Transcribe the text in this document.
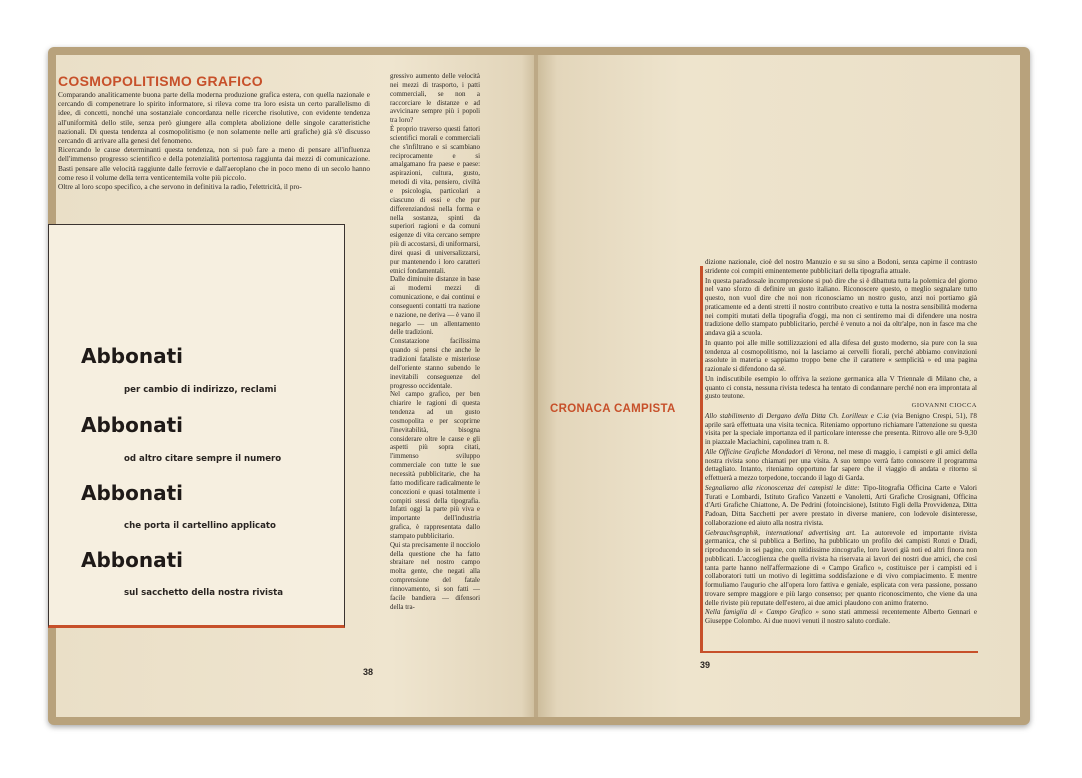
COSMOPOLITISMO GRAFICO

Comparando analiticamente buona parte della moderna produzione grafica estera, con quella nazionale e cercando di compenetrare lo spirito informatore, si rileva come tra loro esista un certo parallelismo di idee, di concetti, nonché una sostanziale concordanza nelle ricerche risolutive, con evidente tendenza all'uniformità dello stile, senza però giungere alla completa abolizione delle singole caratteristiche nazionali. Di questa tendenza al cosmopolitismo (e non solamente nelle arti grafiche) già s'è discusso cercando di arrivare alla genesi del fenomeno.

Ricercando le cause determinanti questa tendenza, non si può fare a meno di pensare all'influenza dell'immenso progresso scientifico e della potenzialità portentosa raggiunta dai mezzi di comunicazione. Basti pensare alle velocità raggiunte dalle ferrovie e dall'aeroplano che in poco meno di un secolo hanno come reso il volume della terra venticentemila volte più piccolo.

Oltre al loro scopo specifico, a che servono in definitiva la radio, l'elettricità, il pro-

gressivo aumento delle velocità nei mezzi di trasporto, i patti commerciali, se non a raccorciare le distanze e ad avvicinare sempre più i popoli tra loro?

È proprio traverso questi fattori scientifici morali e commerciali che s'infiltrano e si scambiano reciprocamente e si amalgamano fra paese e paese: aspirazioni, cultura, gusto, metodi di vita, pensiero, civiltà e psicologia, particolari a ciascuno di essi e che pur differenziandosi nella forma e nella sostanza, spinti da superiori ragioni e da comuni esigenze di vita cercano sempre più di accostarsi, di uniformarsi, direi quasi di universalizzarsi, pur mantenendo i loro caratteri etnici fondamentali.

Dalle diminuite distanze in base ai moderni mezzi di comunicazione, e dai continui e conseguenti contatti tra nazione e nazione, ne deriva — è vano il negarlo — un allentamento delle tradizioni.

Constatazione facilissima quando si pensi che anche le tradizioni fataliste e misteriose dell'oriente stanno subendo le inevitabili conseguenze del progresso occidentale.

Nel campo grafico, per ben chiarire le ragioni di questa tendenza ad un gusto cosmopolita e per scoprirne l'inevitabilità, bisogna considerare oltre le cause e gli aspetti più sopra citati, l'immenso sviluppo commerciale con tutte le sue necessità pubblicitarie, che ha fatto modificare radicalmente le concezioni e quasi totalmente i compiti stessi della tipografia. Infatti oggi la parte più viva e importante dell'industria grafica, è rappresentata dallo stampato pubblicitario.

Qui sta precisamente il nocciolo della questione che ha fatto sbraitare nel nostro campo molta gente, che negati alla comprensione del fatale rinnovamento, si son fatti — facile bandiera — difensori della tra-

Abbonati
per cambio di indirizzo, reclami
Abbonati
od altro citare sempre il numero
Abbonati
che porta il cartellino applicato
Abbonati
sul sacchetto della nostra rivista
38
CRONACA CAMPISTA

dizione nazionale, cioè del nostro Manuzio e su su sino a Bodoni, senza capirne il contrasto stridente coi compiti eminentemente pubblicitari della tipografia attuale.

In questa paradossale incomprensione si può dire che si è dibattuta tutta la polemica del giorno nel vano sforzo di definire un gusto italiano. Riconoscere questo, o meglio segnalare tutto questo, non vuol dire che noi non riconosciamo un nostro gusto, anzi noi portiamo già praticamente ed a denti stretti il nostro contributo creativo e tutta la nostra sensibilità moderna nei compiti mutati della tipografia d'oggi, ma non ci sentiremo mai di difendere una nostra tradizione dello stampato pubblicitario, perché è venuto a noi da oltr'alpe, non in fasce ma che andava già a scuola.

In quanto poi alle mille sottilizzazioni ed alla difesa del gusto moderno, sia pure con la sua tendenza al cosmopolitismo, noi la lasciamo ai cervelli fiorali, perché abbiamo convinzioni assolute in materia e sappiamo troppo bene che il carattere « semplicità » ed una pagina razionale si difendono da sé.

Un indiscutibile esempio lo offriva la sezione germanica alla V Triennale di Milano che, a quanto ci consta, nessuna rivista tedesca ha tentato di condannare perché non era improntata al gusto teutone.

GIOVANNI CIOCCA

Allo stabilimento di Dergano della Ditta Ch. Lorilleux e C.ia (via Benigno Crespi, 51), l'8 aprile sarà effettuata una visita tecnica. Riteniamo opportuno richiamare l'attenzione su questa visita per la speciale importanza ed il particolare interesse che presenta. Ritrovo alle ore 9-9,30 in piazzale Maciachini, capolinea tram n. 8.

Alle Officine Grafiche Mondadori di Verona, nel mese di maggio, i campisti e gli amici della nostra rivista sono chiamati per una visita. A suo tempo verrà fatto conoscere il programma dettagliato. Intanto, riteniamo opportuno far sapere che il viaggio di andata e ritorno si effettuerà a mezzo torpedone, toccando il lago di Garda.

Segnaliamo alla riconoscenza dei campisti le ditte: Tipo-litografia Officina Carte e Valori Turati e Lombardi, Istituto Grafico Vanzetti e Vanoletti, Arti Grafiche Crosignani, Officina d'Arti Grafiche Chiattone, A. De Pedrini (fotoincisione), Istituto Figli della Provvidenza, Ditta Padoan, Ditta Sacchetti per avere prestato in diverse maniere, con lodevole disinteresse, collaborazione ed aiuto alla nostra rivista.

Gebrauchsgraphik, international advertising art. La autorevole ed importante rivista germanica, che si pubblica a Berlino, ha pubblicato un profilo dei campisti Ronzi e Dradi, riproducendo in sei pagine, con nitidissime zincografie, loro lavori già noti ed altri finora non pubblicati. L'accoglienza che quella rivista ha riservata ai lavori dei nostri due amici, che così tanta parte hanno nell'affermazione di « Campo Grafico », costituisce per i campisti ed i collaboratori tutti un motivo di legittima soddisfazione e di vivo compiacimento. E mentre formuliamo l'augurio che all'opera loro fattiva e geniale, esplicata con vera passione, possano trovare sempre maggiore e più largo consenso; per quanto riconoscimento, che viene da una delle riviste più reputate dell'estero, ai due amici plaudono con animo fraterno.

Nella famiglia di « Campo Grafico » sono stati ammessi recentemente Alberto Gennari e Giuseppe Colombo. Ai due nuovi venuti il nostro saluto cordiale.

39
